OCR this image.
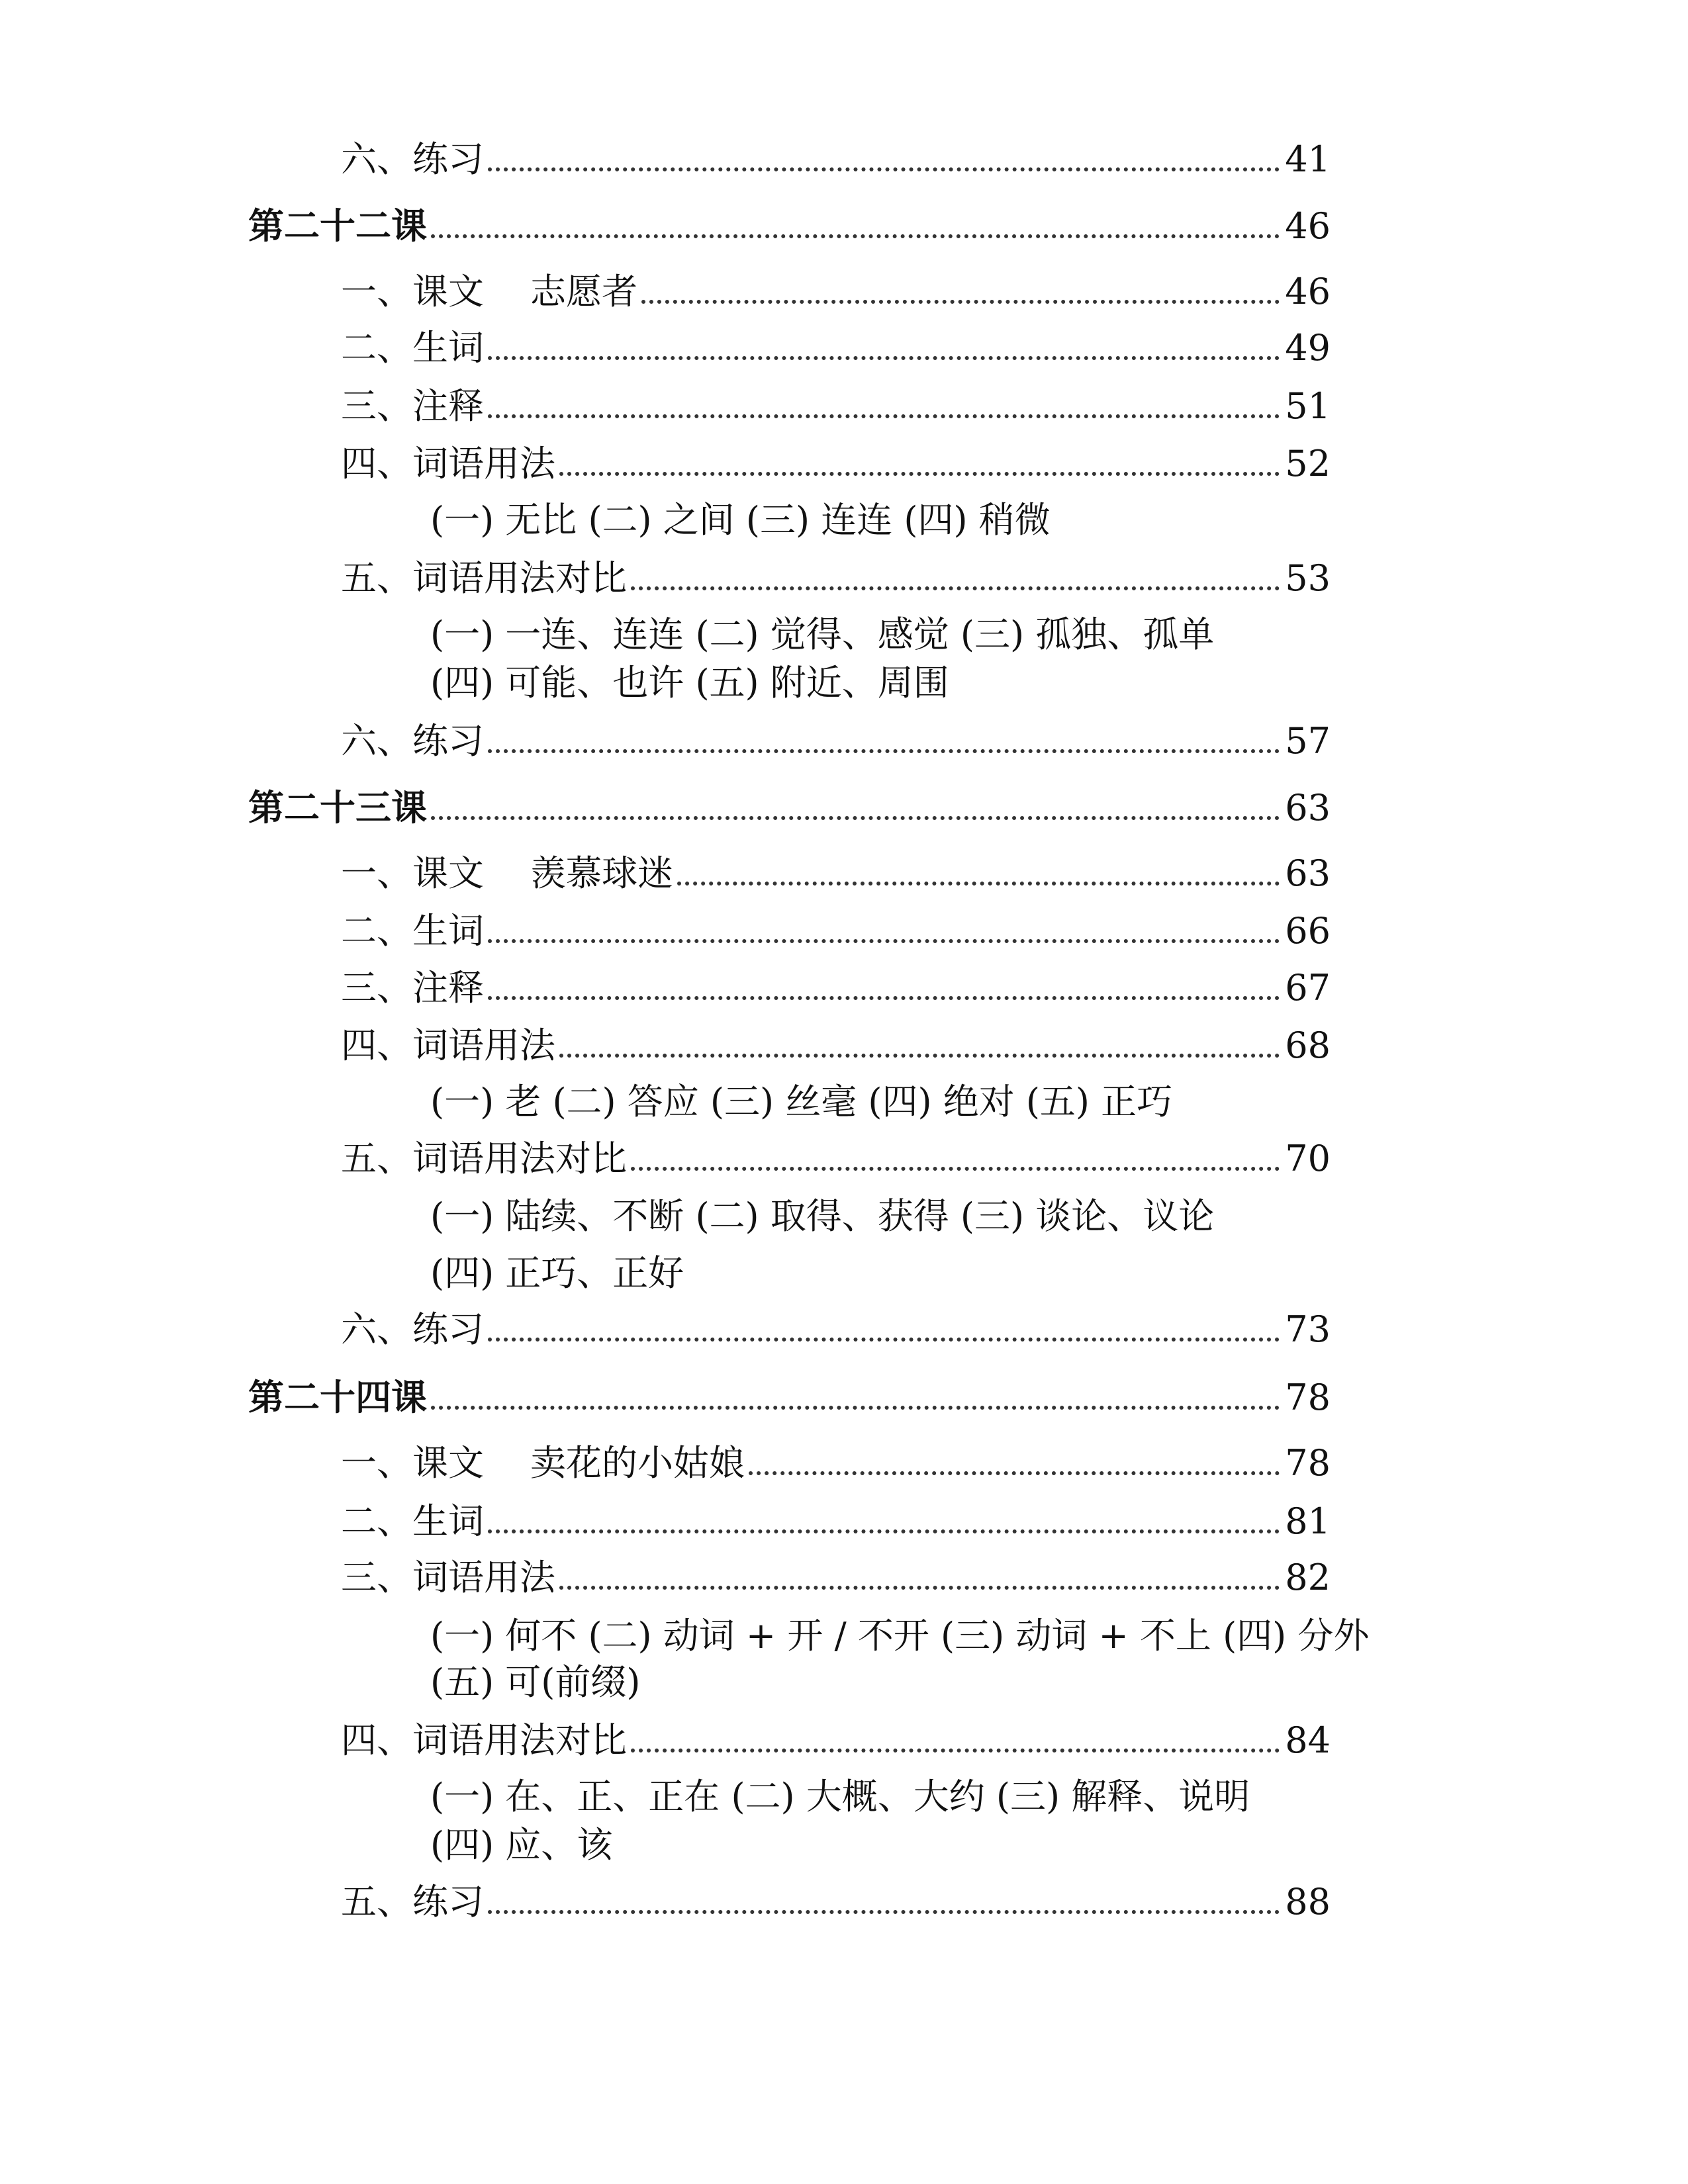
六、练习	41
第二十二课	46
一、课文 志愿者	46
二、生词	49
三、注释	51
四、词语用法	52
(一) 无比 (二) 之间 (三) 连连 (四) 稍微
五、词语用法对比	53
(一) 一连、连连 (二) 觉得、感觉 (三) 孤独、孤单
(四) 可能、也许 (五) 附近、周围
六、练习	57
第二十三课	63
一、课文 羡慕球迷	63
二、生词	66
三、注释	67
四、词语用法	68
(一) 老 (二) 答应 (三) 丝毫 (四) 绝对 (五) 正巧
五、词语用法对比	70
(一) 陆续、不断 (二) 取得、获得 (三) 谈论、议论
(四) 正巧、正好
六、练习	73
第二十四课	78
一、课文 卖花的小姑娘	78
二、生词	81
三、词语用法	82
(一) 何不 (二) 动词 + 开 / 不开 (三) 动词 + 不上 (四) 分外
(五) 可(前缀)
四、词语用法对比	84
(一) 在、正、正在 (二) 大概、大约 (三) 解释、说明
(四) 应、该
五、练习	88
